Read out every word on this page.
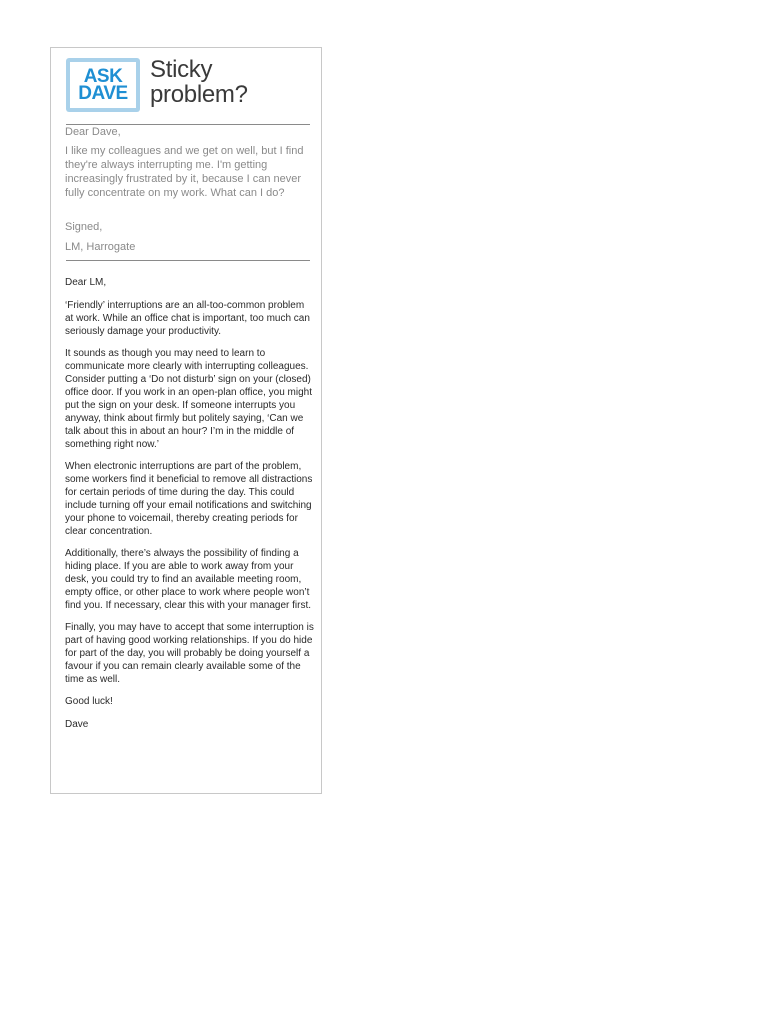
ASK
DAVE
Sticky
problem?

Dear Dave,

I like my colleagues and we get on well, but I find they're always interrupting me. I'm getting increasingly frustrated by it, because I can never fully concentrate on my work. What can I do?

Signed,

LM, Harrogate

Dear LM,

‘Friendly’ interruptions are an all-too-common problem at work. While an office chat is important, too much can seriously damage your productivity.

It sounds as though you may need to learn to communicate more clearly with interrupting colleagues. Consider putting a ‘Do not disturb’ sign on your (closed) office door. If you work in an open-plan office, you might put the sign on your desk. If someone interrupts you anyway, think about firmly but politely saying, ‘Can we talk about this in about an hour? I’m in the middle of something right now.’

When electronic interruptions are part of the problem, some workers find it beneficial to remove all distractions for certain periods of time during the day. This could include turning off your email notifications and switching your phone to voicemail, thereby creating periods for clear concentration.

Additionally, there’s always the possibility of finding a hiding place. If you are able to work away from your desk, you could try to find an available meeting room, empty office, or other place to work where people won’t find you. If necessary, clear this with your manager first.

Finally, you may have to accept that some interruption is part of having good working relationships. If you do hide for part of the day, you will probably be doing yourself a favour if you can remain clearly available some of the time as well.

Good luck!

Dave
